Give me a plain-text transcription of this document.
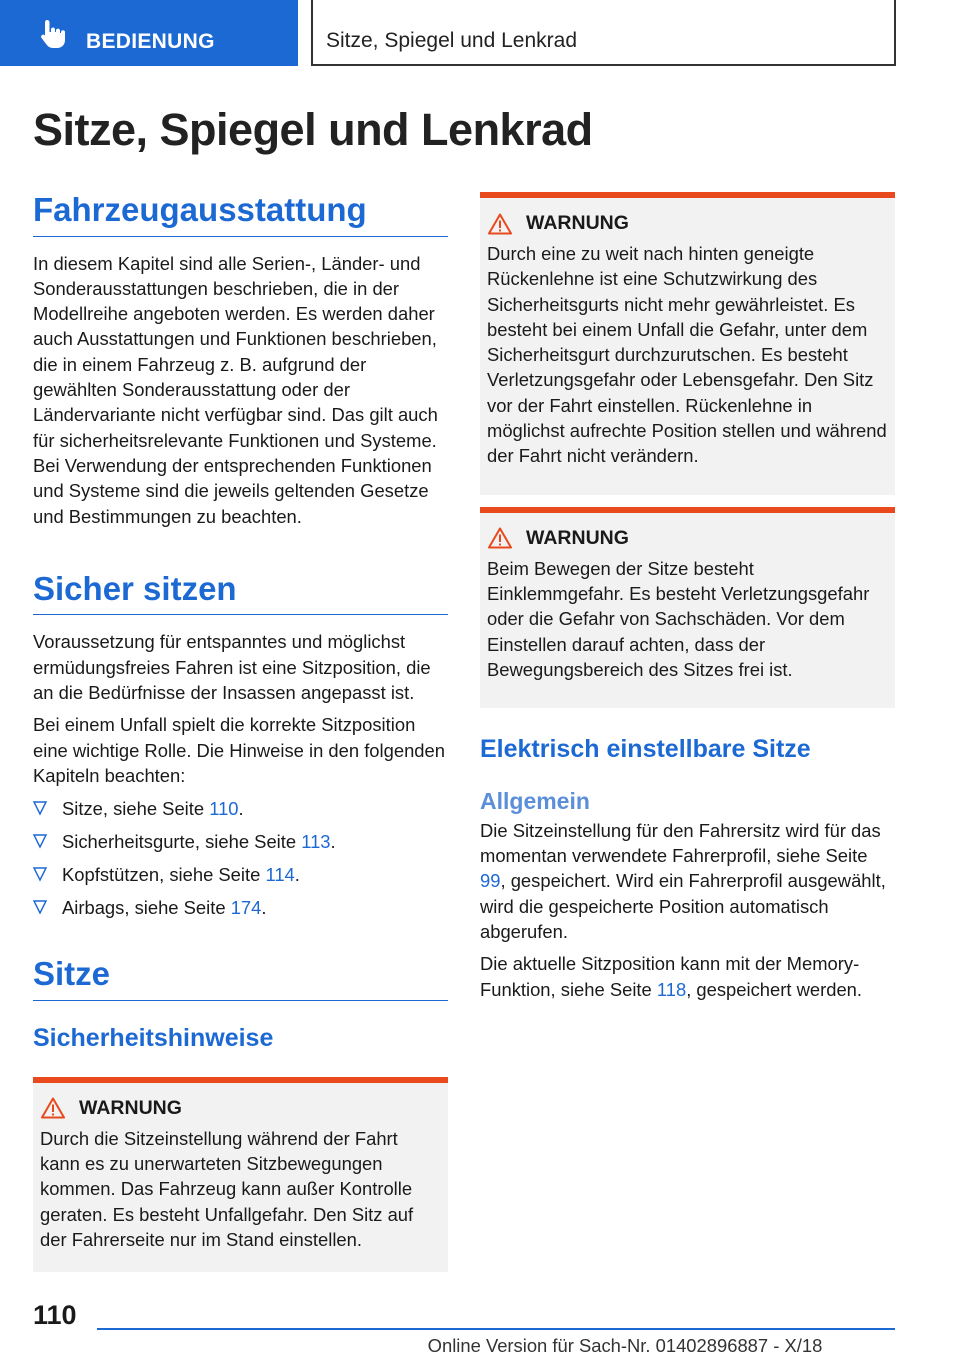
BEDIENUNG	Sitze, Spiegel und Lenkrad
Sitze, Spiegel und Lenkrad
Fahrzeugausstattung

In diesem Kapitel sind alle Serien-, Länder- und Sonderausstattungen beschrieben, die in der Modellreihe angeboten werden. Es werden daher auch Ausstattungen und Funktionen beschrieben, die in einem Fahrzeug z. B. aufgrund der gewählten Sonderausstattung oder der Ländervariante nicht verfügbar sind. Das gilt auch für sicherheitsrelevante Funktionen und Systeme. Bei Verwendung der entsprechenden Funktionen und Systeme sind die jeweils geltenden Gesetze und Bestimmungen zu beachten.

Sicher sitzen

Voraussetzung für entspanntes und möglichst ermüdungsfreies Fahren ist eine Sitzposition, die an die Bedürfnisse der Insassen angepasst ist.

Bei einem Unfall spielt die korrekte Sitzposition eine wichtige Rolle. Die Hinweise in den folgenden Kapiteln beachten:

Sitze, siehe Seite 110.
Sicherheitsgurte, siehe Seite 113.
Kopfstützen, siehe Seite 114.
Airbags, siehe Seite 174.
Sitze
Sicherheitshinweise
WARNUNG

Durch die Sitzeinstellung während der Fahrt kann es zu unerwarteten Sitzbewegungen kommen. Das Fahrzeug kann außer Kontrolle geraten. Es besteht Unfallgefahr. Den Sitz auf der Fahrerseite nur im Stand einstellen.

WARNUNG

Durch eine zu weit nach hinten geneigte Rückenlehne ist eine Schutzwirkung des Sicherheitsgurts nicht mehr gewährleistet. Es besteht bei einem Unfall die Gefahr, unter dem Sicherheitsgurt durchzurutschen. Es besteht Verletzungsgefahr oder Lebensgefahr. Den Sitz vor der Fahrt einstellen. Rückenlehne in möglichst aufrechte Position stellen und während der Fahrt nicht verändern.

WARNUNG

Beim Bewegen der Sitze besteht Einklemmgefahr. Es besteht Verletzungsgefahr oder die Gefahr von Sachschäden. Vor dem Einstellen darauf achten, dass der Bewegungsbereich des Sitzes frei ist.

Elektrisch einstellbare Sitze
Allgemein

Die Sitzeinstellung für den Fahrersitz wird für das momentan verwendete Fahrerprofil, siehe Seite 99, gespeichert. Wird ein Fahrerprofil ausgewählt, wird die gespeicherte Position automatisch abgerufen.

Die aktuelle Sitzposition kann mit der Memory-Funktion, siehe Seite 118, gespeichert werden.

110
Online Version für Sach-Nr. 01402896887 - X/18
